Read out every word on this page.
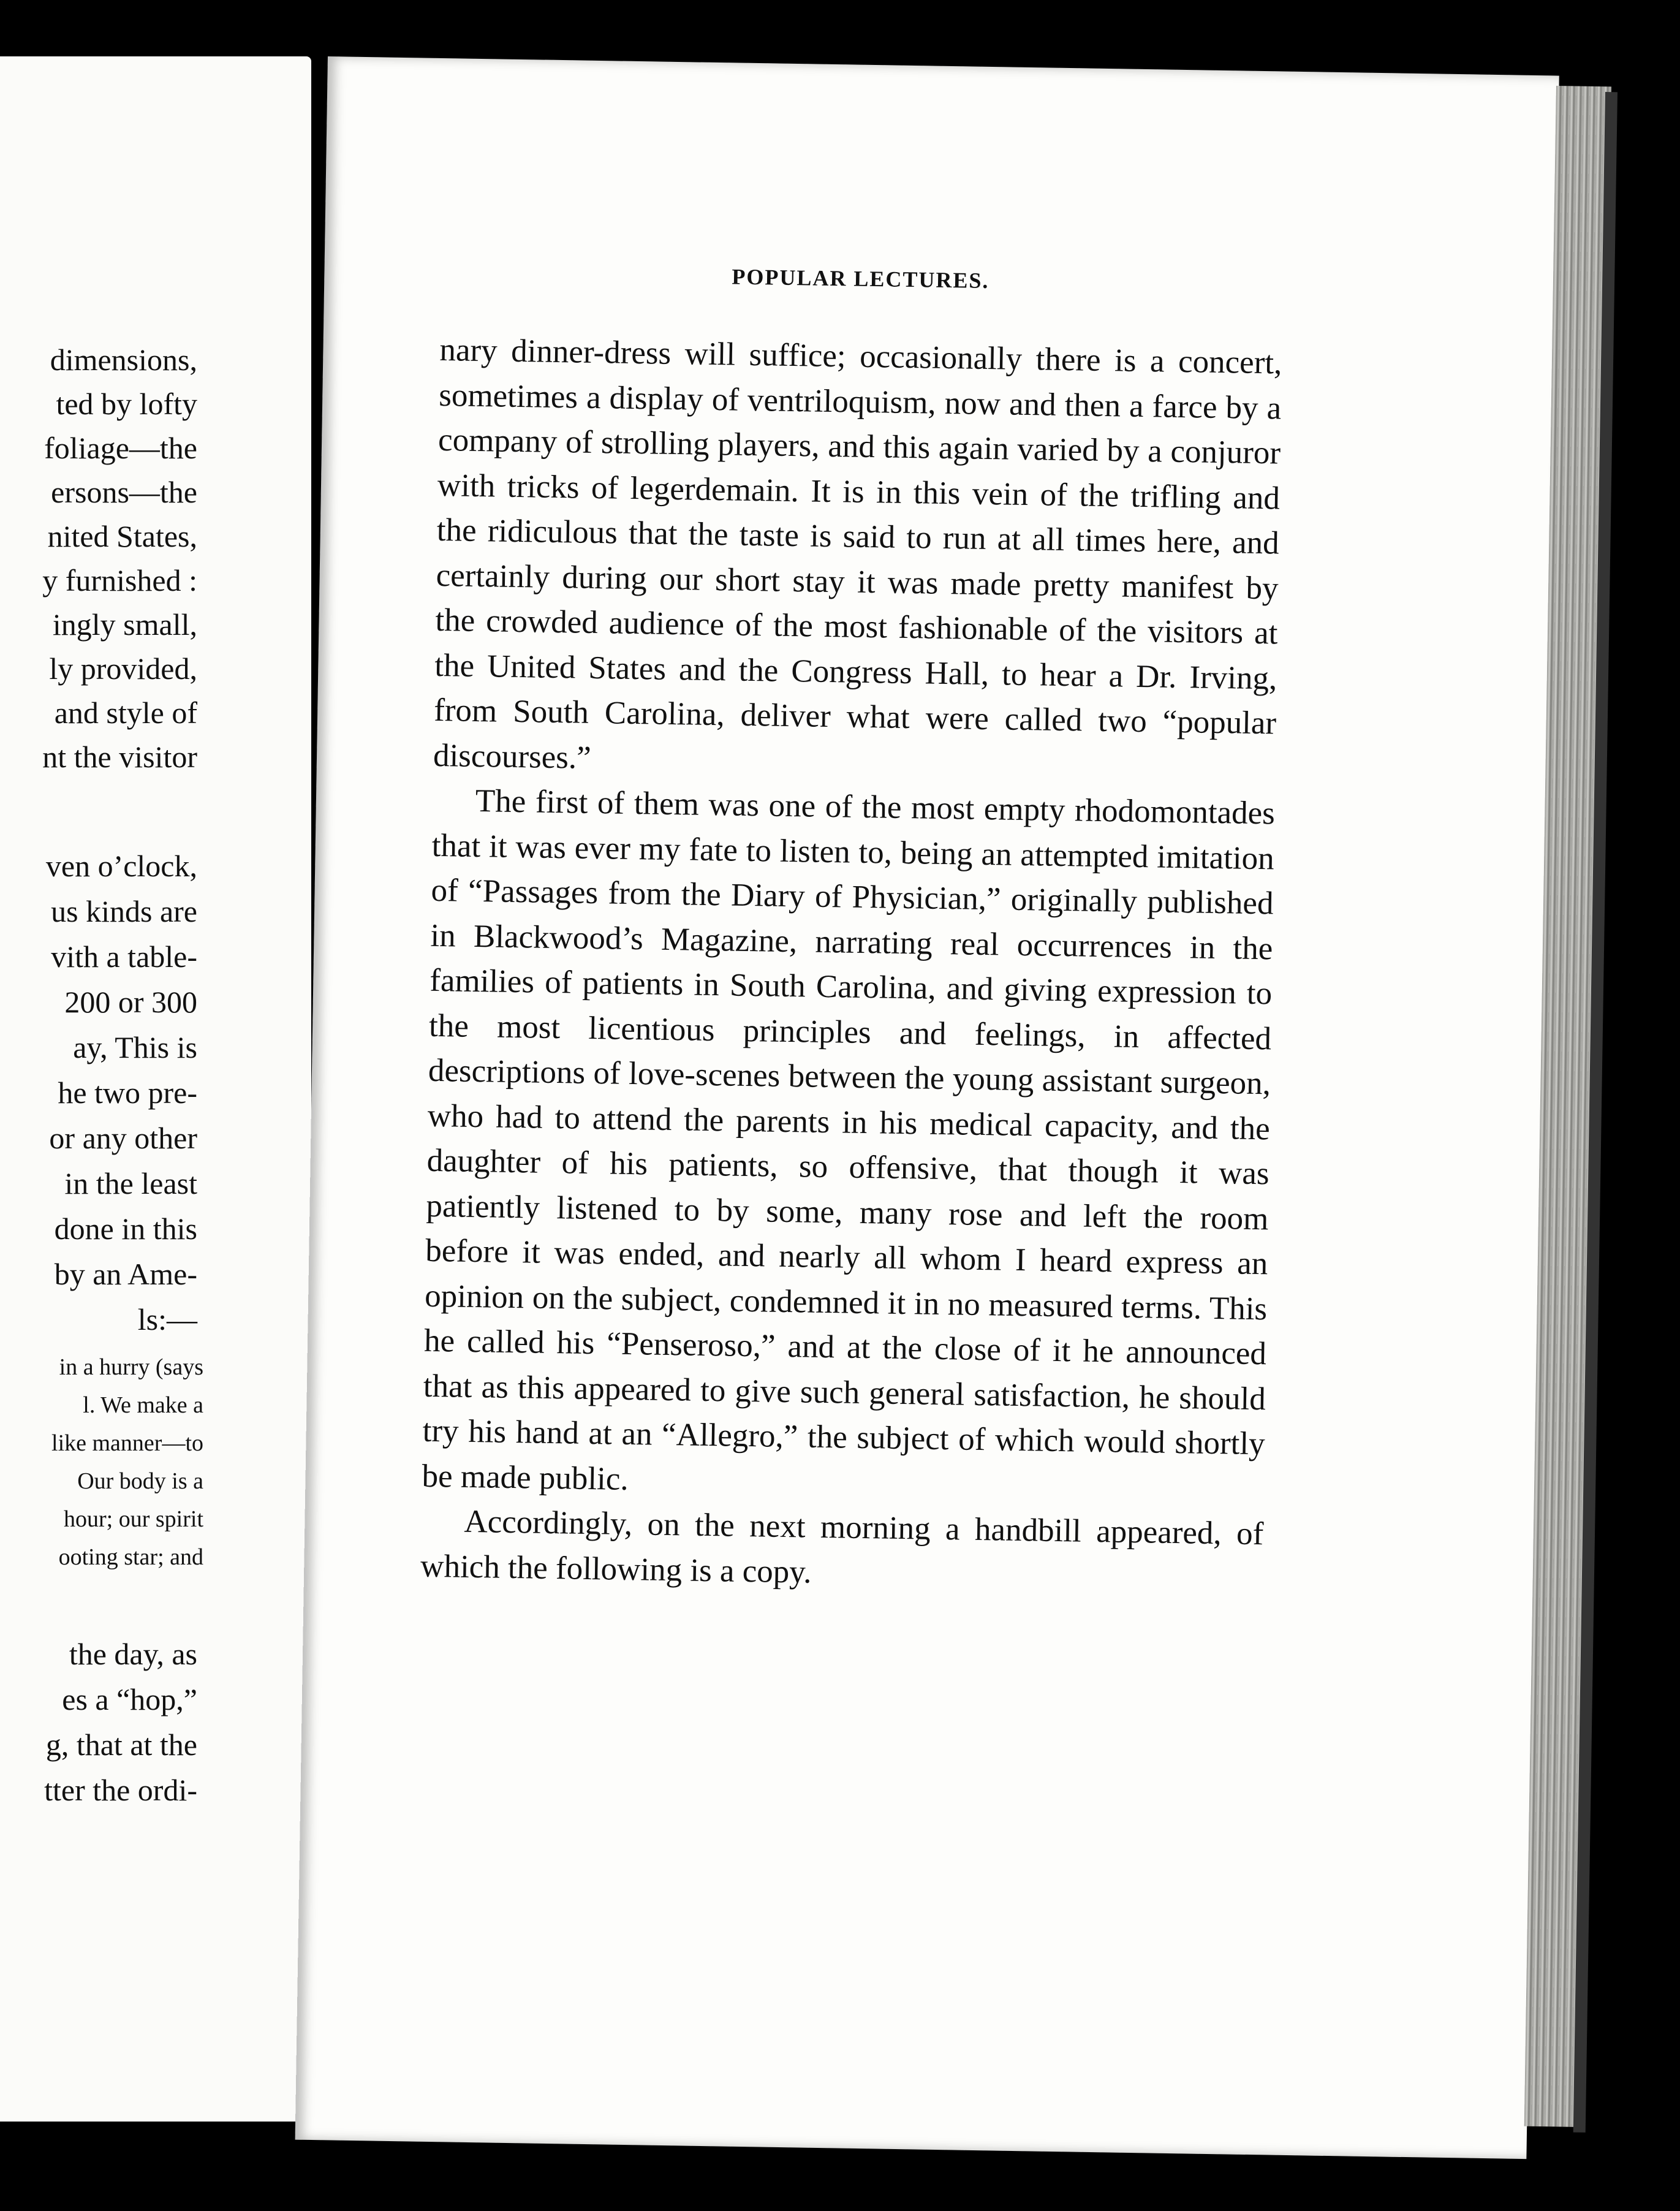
dimensions,
ted by lofty
foliage—the
ersons—the
nited States,
y furnished :
ingly small,
ly provided,
and style of
nt the visitor
ven o’clock,
us kinds are
vith a table-
200 or 300
ay, This is
he two pre-
or any other
in the least
done in this
by an Ame-
ls:—
in a hurry (says
l. We make a
like manner—to
Our body is a
hour; our spirit
ooting star; and
the day, as
es a “hop,”
g, that at the
tter the ordi-
POPULAR LECTURES.

nary dinner-dress will suffice; occasionally there is a concert, sometimes a display of ventriloquism, now and then a farce by a company of strolling players, and this again varied by a conjuror with tricks of legerdemain. It is in this vein of the trifling and the ridiculous that the taste is said to run at all times here, and certainly during our short stay it was made pretty manifest by the crowded audience of the most fashionable of the visitors at the United States and the Congress Hall, to hear a Dr. Irving, from South Carolina, deliver what were called two “popular discourses.”

The first of them was one of the most empty rhodomontades that it was ever my fate to listen to, being an attempted imitation of “Passages from the Diary of Physician,” originally published in Blackwood’s Magazine, narrating real occurrences in the families of patients in South Carolina, and giving expression to the most licentious principles and feelings, in affected descriptions of love-scenes between the young assistant surgeon, who had to attend the parents in his medical capacity, and the daughter of his patients, so offensive, that though it was patiently listened to by some, many rose and left the room before it was ended, and nearly all whom I heard express an opinion on the subject, condemned it in no measured terms. This he called his “Penseroso,” and at the close of it he announced that as this appeared to give such general satisfaction, he should try his hand at an “Allegro,” the subject of which would shortly be made public.

Accordingly, on the next morning a handbill appeared, of which the following is a copy.
